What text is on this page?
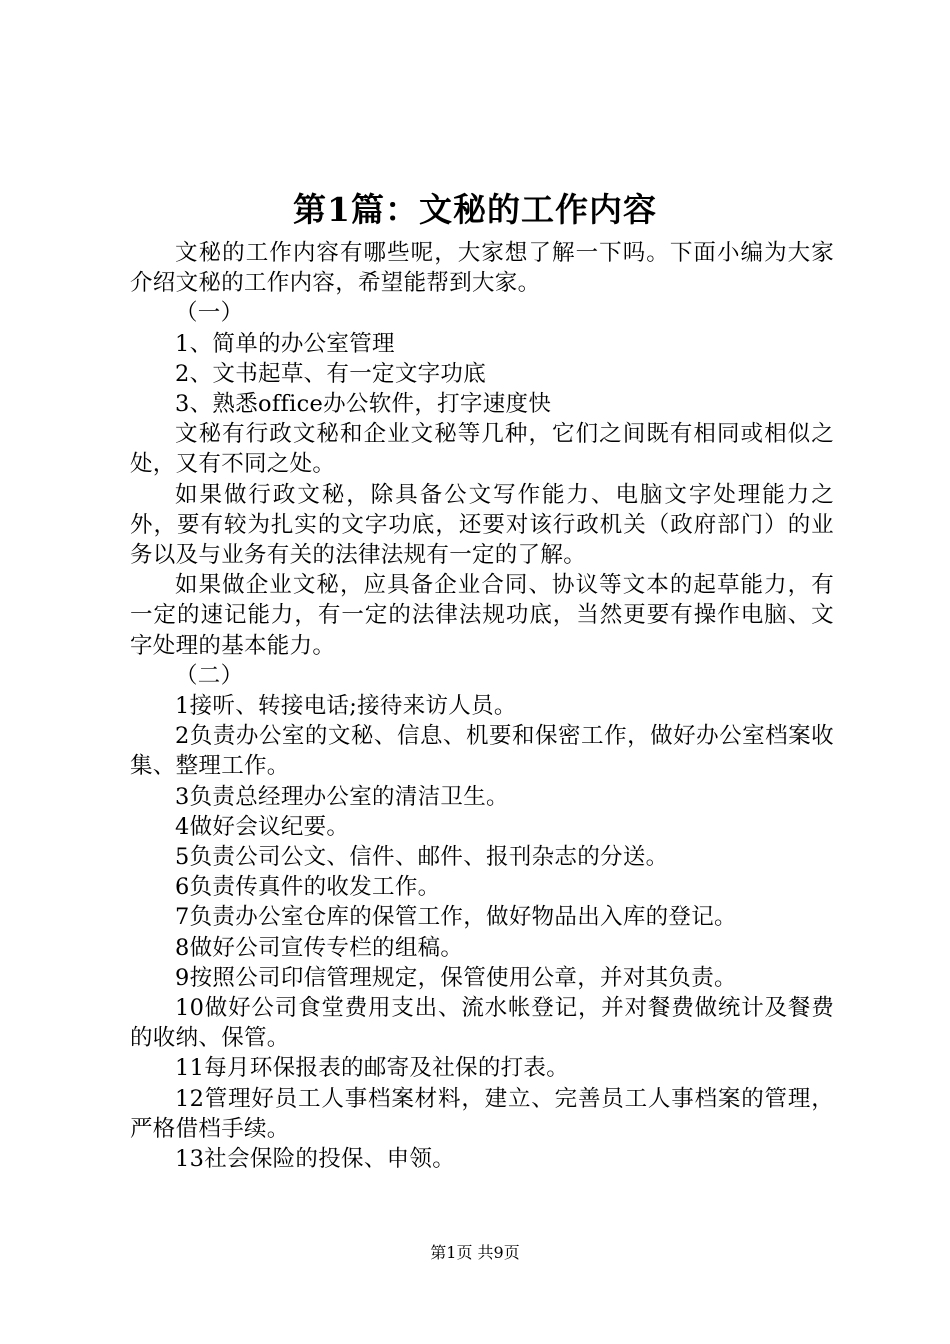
第1篇：文秘的工作内容

文秘的工作内容有哪些呢，大家想了解一下吗。下面小编为大家介绍文秘的工作内容，希望能帮到大家。

（一）

1、简单的办公室管理

2、文书起草、有一定文字功底

3、熟悉office办公软件，打字速度快

文秘有行政文秘和企业文秘等几种，它们之间既有相同或相似之处，又有不同之处。

如果做行政文秘，除具备公文写作能力、电脑文字处理能力之外，要有较为扎实的文字功底，还要对该行政机关（政府部门）的业务以及与业务有关的法律法规有一定的了解。

如果做企业文秘，应具备企业合同、协议等文本的起草能力，有一定的速记能力，有一定的法律法规功底，当然更要有操作电脑、文字处理的基本能力。

（二）

1接听、转接电话;接待来访人员。

2负责办公室的文秘、信息、机要和保密工作，做好办公室档案收集、整理工作。

3负责总经理办公室的清洁卫生。

4做好会议纪要。

5负责公司公文、信件、邮件、报刊杂志的分送。

6负责传真件的收发工作。

7负责办公室仓库的保管工作，做好物品出入库的登记。

8做好公司宣传专栏的组稿。

9按照公司印信管理规定，保管使用公章，并对其负责。

10做好公司食堂费用支出、流水帐登记，并对餐费做统计及餐费的收纳、保管。

11每月环保报表的邮寄及社保的打表。

12管理好员工人事档案材料，建立、完善员工人事档案的管理，严格借档手续。

13社会保险的投保、申领。

第1页 共9页
